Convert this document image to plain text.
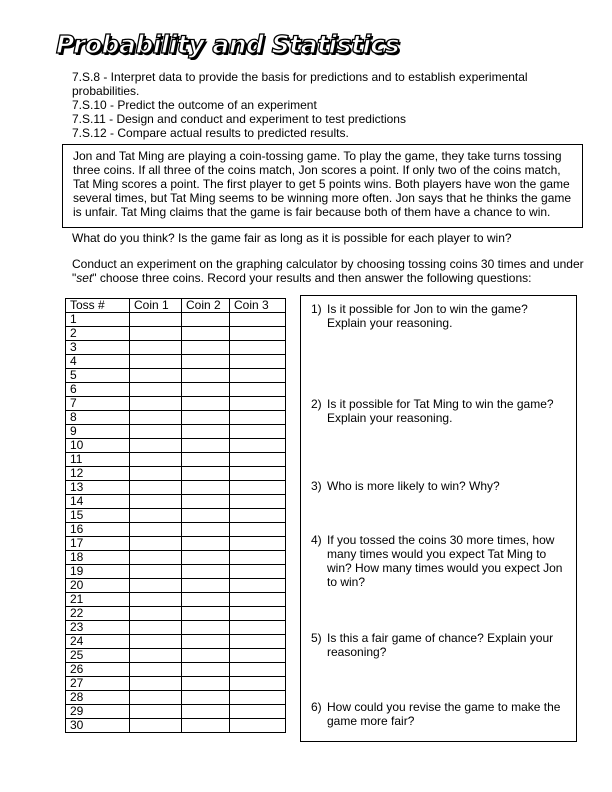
Probability and Statistics
7.S.8 - Interpret data to provide the basis for predictions and to establish experimental probabilities.
7.S.10 - Predict the outcome of an experiment
7.S.11 - Design and conduct and experiment to test predictions
7.S.12 - Compare actual results to predicted results.
Jon and Tat Ming are playing a coin-tossing game. To play the game, they take turns tossing three coins. If all three of the coins match, Jon scores a point. If only two of the coins match, Tat Ming scores a point. The first player to get 5 points wins. Both players have won the game several times, but Tat Ming seems to be winning more often. Jon says that he thinks the game is unfair. Tat Ming claims that the game is fair because both of them have a chance to win.
What do you think? Is the game fair as long as it is possible for each player to win?
Conduct an experiment on the graphing calculator by choosing tossing coins 30 times and under "set" choose three coins. Record your results and then answer the following questions:
Toss #	Coin 1	Coin 2	Coin 3
1			
2			
3			
4			
5			
6			
7			
8			
9			
10			
11			
12			
13			
14			
15			
16			
17			
18			
19			
20			
21			
22			
23			
24			
25			
26			
27			
28			
29			
30			
1) Is it possible for Jon to win the game? Explain your reasoning.
2) Is it possible for Tat Ming to win the game? Explain your reasoning.
3) Who is more likely to win? Why?
4) If you tossed the coins 30 more times, how many times would you expect Tat Ming to win? How many times would you expect Jon to win?
5) Is this a fair game of chance? Explain your reasoning?
6) How could you revise the game to make the game more fair?
